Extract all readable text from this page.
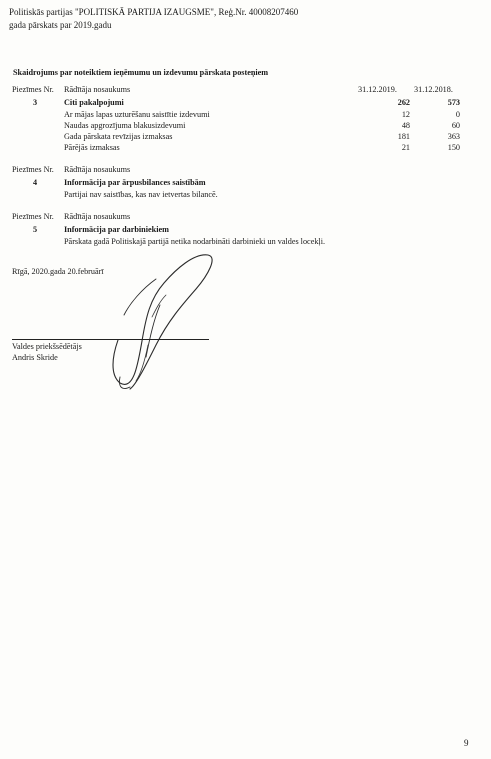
Politiskās partijas "POLITISKĀ PARTIJA IZAUGSME", Reģ.Nr. 40008207460
gada pārskats par 2019.gadu
Skaidrojums par noteiktiem ieņēmumu un izdevumu pārskata posteņiem
Piezīmes Nr. Rādītāja nosaukums	31.12.2019. 31.12.2018.
3	Citi pakalpojumi	262	573
Ar mājas lapas uzturēšanu saistītie izdevumi	12	0
Naudas apgrozījuma blakusizdevumi	48	60
Gada pārskata revīzijas izmaksas	181	363
Pārējās izmaksas	21	150
Piezīmes Nr. Rādītāja nosaukums
4	Informācija par ārpusbilances saistībām
Partijai nav saistības, kas nav ietvertas bilancē.
Piezīmes Nr. Rādītāja nosaukums
5	Informācija par darbiniekiem
Pārskata gadā Politiskajā partijā netika nodarbināti darbinieki un valdes locekļi.
Rīgā, 2020.gada 20.februārī
Valdes priekšsēdētājs
Andris Skride
9
